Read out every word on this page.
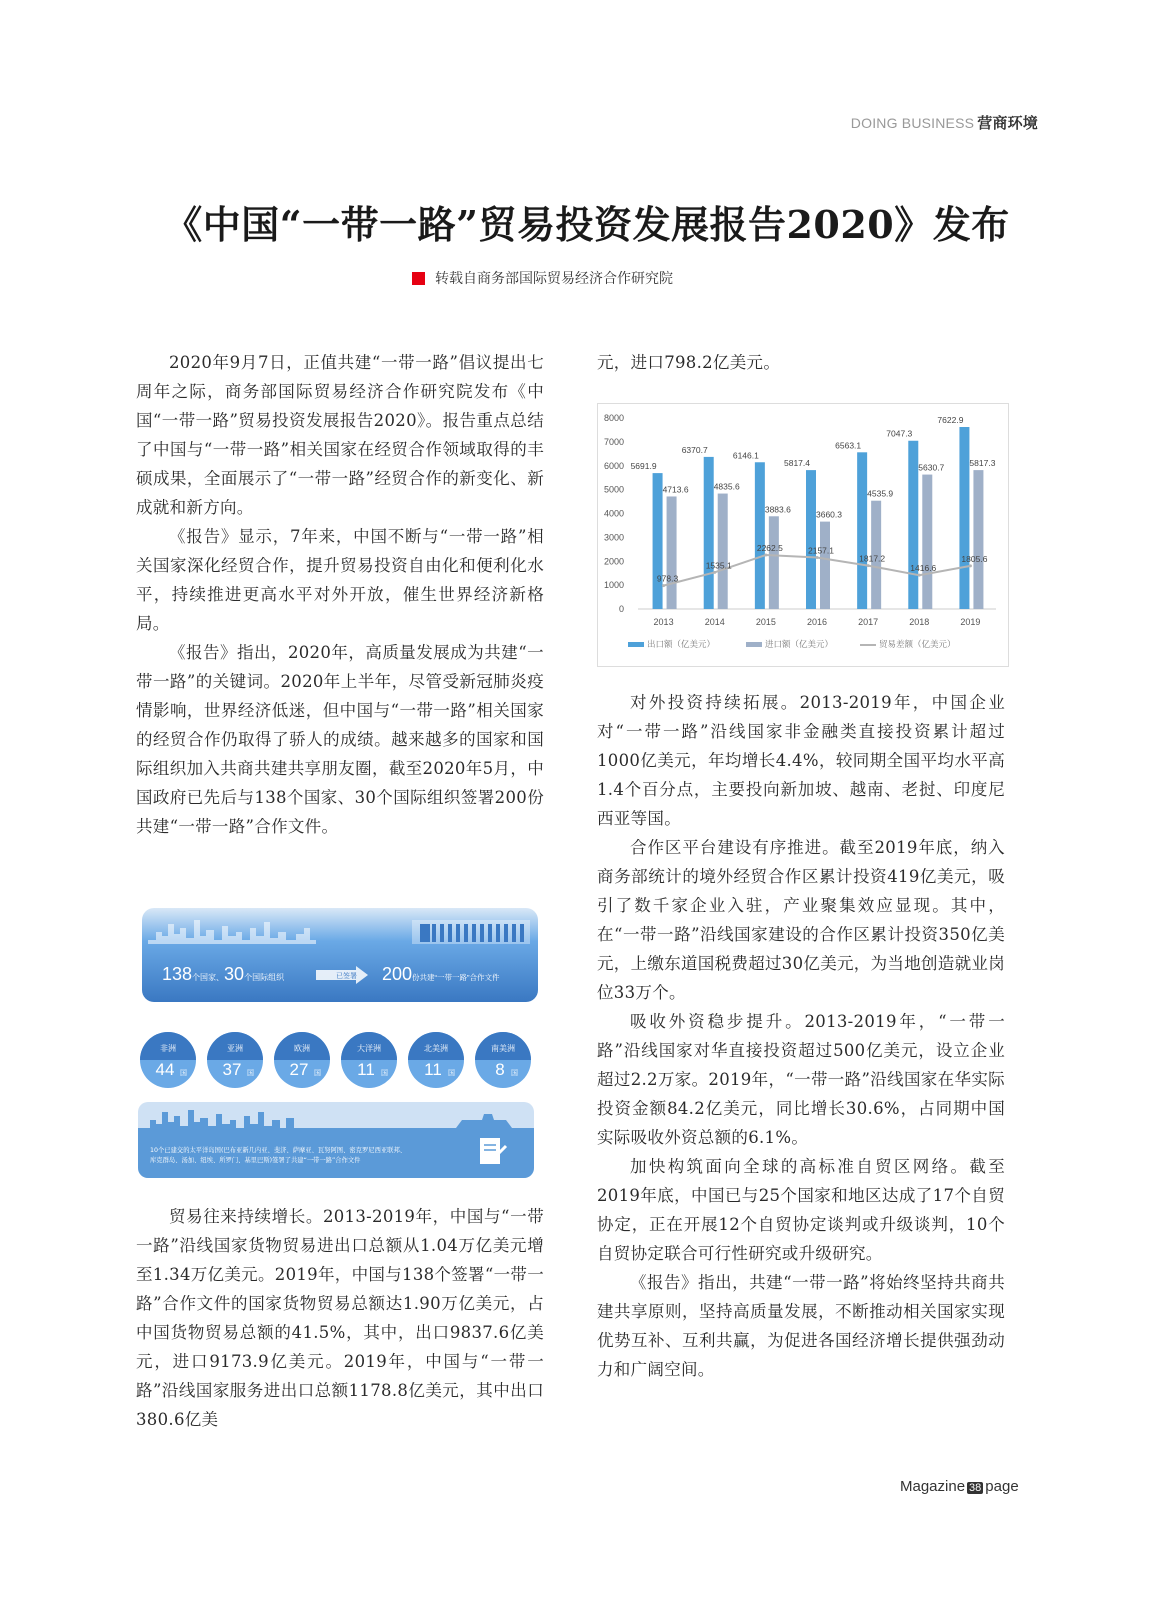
DOING BUSINESS 营商环境
《中国“一带一路”贸易投资发展报告2020》发布
转载自商务部国际贸易经济合作研究院

2020年9月7日，正值共建“一带一路”倡议提出七周年之际，商务部国际贸易经济合作研究院发布《中国“一带一路”贸易投资发展报告2020》。报告重点总结了中国与“一带一路”相关国家在经贸合作领域取得的丰硕成果，全面展示了“一带一路”经贸合作的新变化、新成就和新方向。

《报告》显示，7年来，中国不断与“一带一路”相关国家深化经贸合作，提升贸易投资自由化和便利化水平，持续推进更高水平对外开放，催生世界经济新格局。

《报告》指出，2020年，高质量发展成为共建“一带一路”的关键词。2020年上半年，尽管受新冠肺炎疫情影响，世界经济低迷，但中国与“一带一路”相关国家的经贸合作仍取得了骄人的成绩。越来越多的国家和国际组织加入共商共建共享朋友圈，截至2020年5月，中国政府已先后与138个国家、30个国际组织签署200份共建“一带一路”合作文件。

138个国家、30个国际组织	已签署 200份共建“一带一路”合作文件
非洲
44 国
亚洲
37 国
欧洲
27 国
大洋洲
11 国
北美洲
11 国
南美洲
8 国
10个已建交的太平洋岛国(巴布亚新几内亚、斐济、萨摩亚、瓦努阿图、密克罗尼西亚联邦、
库克群岛、汤加、纽埃、所罗门、基里巴斯)签署了共建“一带一路”合作文件

贸易往来持续增长。2013-2019年，中国与“一带一路”沿线国家货物贸易进出口总额从1.04万亿美元增至1.34万亿美元。2019年，中国与138个签署“一带一路”合作文件的国家货物贸易总额达1.90万亿美元，占中国货物贸易总额的41.5%，其中，出口9837.6亿美元，进口9173.9亿美元。2019年，中国与“一带一路”沿线国家服务进出口总额1178.8亿美元，其中出口380.6亿美

元，进口798.2亿美元。

0
1000
2000
3000
4000
5000
6000
7000
8000
2013
5691.9
4713.6
2014
6370.7
4835.6
2015
6146.1
3883.6
2016
5817.4
3660.3
2017
6563.1
4535.9
2018
7047.3
5630.7
2019
7622.9
5817.3
978.3
1535.1
2262.5	2157.1
1817.2
1416.6
1805.6
出口额（亿美元）	进口额（亿美元）	贸易差额（亿美元）

对外投资持续拓展。2013-2019年，中国企业对“一带一路”沿线国家非金融类直接投资累计超过1000亿美元，年均增长4.4%，较同期全国平均水平高1.4个百分点，主要投向新加坡、越南、老挝、印度尼西亚等国。

合作区平台建设有序推进。截至2019年底，纳入商务部统计的境外经贸合作区累计投资419亿美元，吸引了数千家企业入驻，产业聚集效应显现。其中，在“一带一路”沿线国家建设的合作区累计投资350亿美元，上缴东道国税费超过30亿美元，为当地创造就业岗位33万个。

吸收外资稳步提升。2013-2019年，“一带一路”沿线国家对华直接投资超过500亿美元，设立企业超过2.2万家。2019年，“一带一路”沿线国家在华实际投资金额84.2亿美元，同比增长30.6%，占同期中国实际吸收外资总额的6.1%。

加快构筑面向全球的高标准自贸区网络。截至2019年底，中国已与25个国家和地区达成了17个自贸协定，正在开展12个自贸协定谈判或升级谈判，10个自贸协定联合可行性研究或升级研究。

《报告》指出，共建“一带一路”将始终坚持共商共建共享原则，坚持高质量发展，不断推动相关国家实现优势互补、互利共赢，为促进各国经济增长提供强劲动力和广阔空间。

Magazine 38 page
